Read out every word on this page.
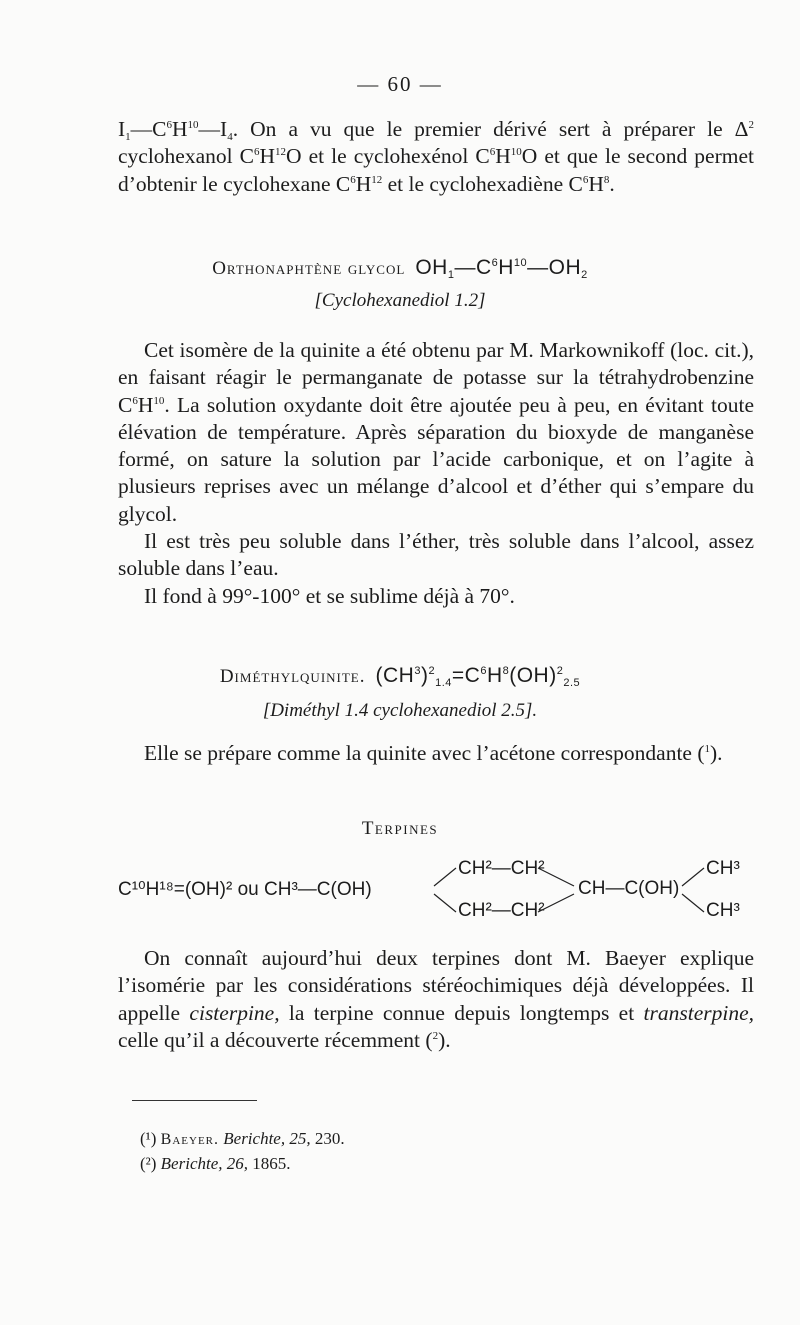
— 60 —

$I_1—C^6H^{10}—I_4$. On a vu que le premier dérivé sert à préparer le $\Delta^2$ cyclohexanol $C^6H^{12}O$ et le cyclohexénol $C^6H^{10}O$ et que le second permet d’obtenir le cyclohexane $C^6H^{12}$ et le cyclohexadiène $C^6H^8$.

Orthonaphtène glycol $OH_1—C^6H^{10}—OH_2$
[Cyclohexanediol 1.2]

Cet isomère de la quinite a été obtenu par M. Markownikoff (loc. cit.), en faisant réagir le permanganate de potasse sur la tétrahydrobenzine $C^6H^{10}$. La solution oxydante doit être ajoutée peu à peu, en évitant toute élévation de température. Après séparation du bioxyde de manganèse formé, on sature la solution par l’acide carbonique, et on l’agite à plusieurs reprises avec un mélange d’alcool et d’éther qui s’empare du glycol.

Il est très peu soluble dans l’éther, très soluble dans l’alcool, assez soluble dans l’eau.

Il fond à 99°-100° et se sublime déjà à 70°.

Diméthylquinite. $(CH^3)^2_{1.4}=C^6H^8(OH)^2_{2.5}$
[Diméthyl 1.4 cyclohexanediol 2.5].

Elle se prépare comme la quinite avec l’acétone correspondante ($^1$).

Terpines
C¹⁰H¹⁸=(OH)² ou CH³—C(OH)
CH²—CH²
CH²—CH²
CH—C(OH)
CH³
CH³

On connaît aujourd’hui deux terpines dont M. Baeyer explique l’isomérie par les considérations stéréochimiques déjà développées. Il appelle cisterpine, la terpine connue depuis longtemps et transterpine, celle qu’il a découverte récemment ($^2$).

(¹) Baeyer. Berichte, 25, 230.
(²) Berichte, 26, 1865.
